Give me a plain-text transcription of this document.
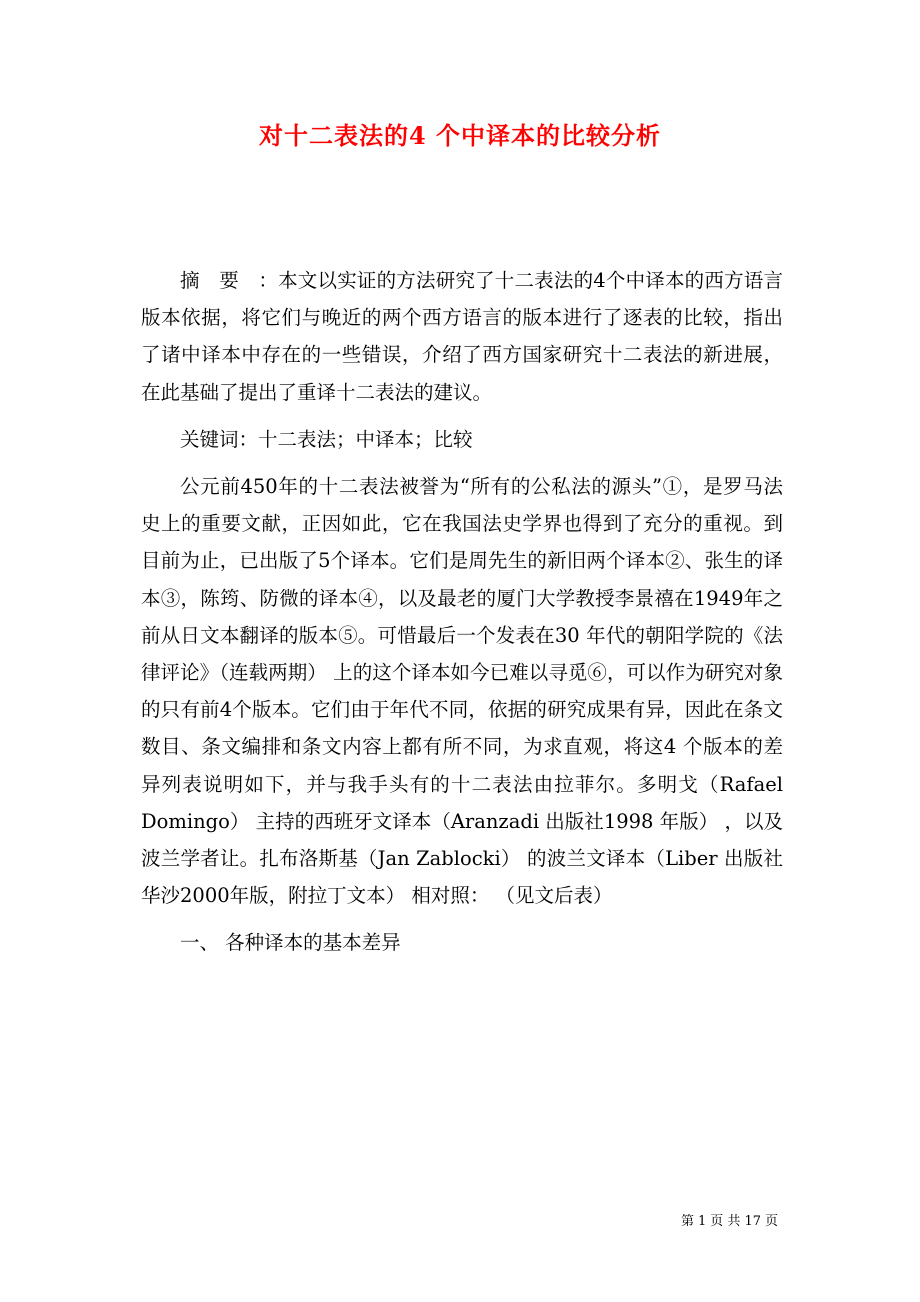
对十二表法的4 个中译本的比较分析

摘要：本文以实证的方法研究了十二表法的4个中译本的西方语言版本依据，将它们与晚近的两个西方语言的版本进行了逐表的比较，指出了诸中译本中存在的一些错误，介绍了西方国家研究十二表法的新进展，在此基础了提出了重译十二表法的建议。

关键词：十二表法；中译本；比较

公元前450年的十二表法被誉为“所有的公私法的源头”①，是罗马法史上的重要文献，正因如此，它在我国法史学界也得到了充分的重视。到目前为止，已出版了5个译本。它们是周先生的新旧两个译本②、张生的译本③，陈筠、防微的译本④，以及最老的厦门大学教授李景禧在1949年之前从日文本翻译的版本⑤。可惜最后一个发表在30 年代的朝阳学院的《法律评论》（连载两期） 上的这个译本如今已难以寻觅⑥，可以作为研究对象的只有前4个版本。它们由于年代不同，依据的研究成果有异，因此在条文数目、条文编排和条文内容上都有所不同，为求直观，将这4 个版本的差异列表说明如下，并与我手头有的十二表法由拉菲尔。多明戈（Rafael Domingo） 主持的西班牙文译本（Aranzadi 出版社1998 年版） ，以及波兰学者让。扎布洛斯基（Jan Zablocki） 的波兰文译本（Liber 出版社华沙2000年版，附拉丁文本） 相对照： （见文后表）

一、 各种译本的基本差异

第 1 页 共 17 页
